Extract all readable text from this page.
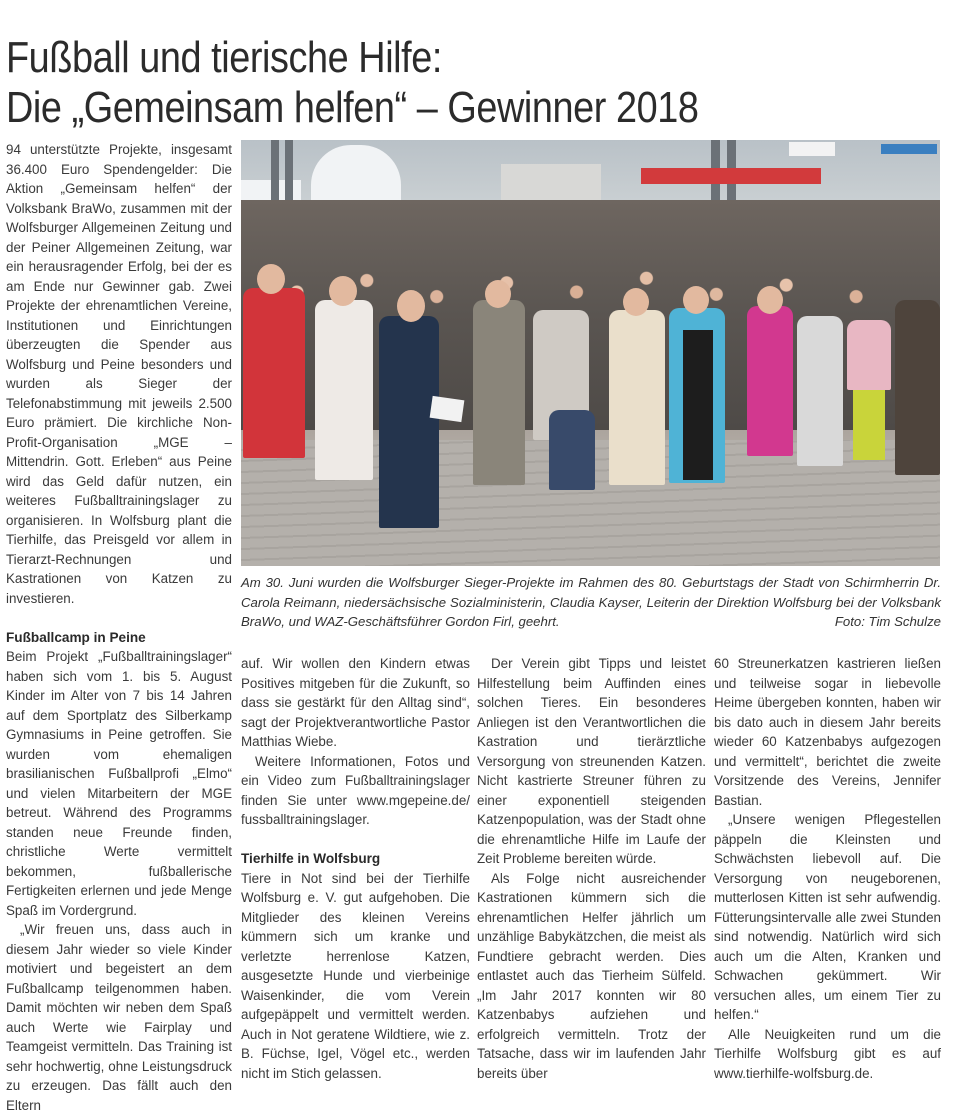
Fußball und tierische Hilfe:
Die „Gemeinsam helfen“ – Gewinner 2018

94 unterstützte Projekte, insgesamt 36.400 Euro Spendengelder: Die Aktion „Gemeinsam helfen“ der Volksbank BraWo, zusammen mit der Wolfsburger Allgemeinen Zeitung und der Peiner Allgemeinen Zeitung, war ein herausragender Erfolg, bei der es am Ende nur Gewinner gab. Zwei Projekte der ehrenamtlichen Vereine, Institutionen und Einrichtungen überzeugten die Spender aus Wolfsburg und Peine besonders und wurden als Sieger der Telefonabstimmung mit jeweils 2.500 Euro prämiert. Die kirchliche Non-Profit-Organisation „MGE – Mittendrin. Gott. Erleben“ aus Peine wird das Geld dafür nutzen, ein weiteres Fußballtrainingslager zu organisieren. In Wolfsburg plant die Tierhilfe, das Preisgeld vor allem in Tierarzt-Rechnungen und Kastrationen von Katzen zu investieren.

Fußballcamp in Peine

Beim Projekt „Fußballtrainingslager“ haben sich vom 1. bis 5. August Kinder im Alter von 7 bis 14 Jahren auf dem Sportplatz des Silberkamp Gymnasiums in Peine getroffen. Sie wurden vom ehemaligen brasilianischen Fußballprofi „Elmo“ und vielen Mitarbeitern der MGE betreut. Während des Programms standen neue Freunde finden, christliche Werte vermittelt bekommen, fußballerische Fertigkeiten erlernen und jede Menge Spaß im Vordergrund.

„Wir freuen uns, dass auch in diesem Jahr wieder so viele Kinder motiviert und begeistert an dem Fußballcamp teilgenommen haben. Damit möchten wir neben dem Spaß auch Werte wie Fairplay und Teamgeist vermitteln. Das Training ist sehr hochwertig, ohne Leistungsdruck zu erzeugen. Das fällt auch den Eltern

Am 30. Juni wurden die Wolfsburger Sieger-Projekte im Rahmen des 80. Geburtstags der Stadt von Schirmherrin Dr. Carola Reimann, niedersächsische Sozialministerin, Claudia Kayser, Leiterin der Direktion Wolfsburg bei der Volksbank BraWo, und WAZ-Geschäftsführer Gordon Firl, geehrt.	Foto: Tim Schulze

auf. Wir wollen den Kindern etwas Positives mitgeben für die Zukunft, so dass sie gestärkt für den Alltag sind“, sagt der Projektverantwortliche Pastor Matthias Wiebe.

Weitere Informationen, Fotos und ein Video zum Fußballtrainingslager finden Sie unter www.mgepeine.de/ fussballtrainingslager.

Tierhilfe in Wolfsburg

Tiere in Not sind bei der Tierhilfe Wolfsburg e. V. gut aufgehoben. Die Mitglieder des kleinen Vereins kümmern sich um kranke und verletzte herrenlose Katzen, ausgesetzte Hunde und vierbeinige Waisenkinder, die vom Verein aufgepäppelt und vermittelt werden. Auch in Not geratene Wildtiere, wie z. B. Füchse, Igel, Vögel etc., werden nicht im Stich gelassen.

Der Verein gibt Tipps und leistet Hilfestellung beim Auffinden eines solchen Tieres. Ein besonderes Anliegen ist den Verantwortlichen die Kastration und tierärztliche Versorgung von streunenden Katzen. Nicht kastrierte Streuner führen zu einer exponentiell steigenden Katzenpopulation, was der Stadt ohne die ehrenamtliche Hilfe im Laufe der Zeit Probleme bereiten würde.

Als Folge nicht ausreichender Kastrationen kümmern sich die ehrenamtlichen Helfer jährlich um unzählige Babykätzchen, die meist als Fundtiere gebracht werden. Dies entlastet auch das Tierheim Sülfeld. „Im Jahr 2017 konnten wir 80 Katzenbabys aufziehen und erfolgreich vermitteln. Trotz der Tatsache, dass wir im laufenden Jahr bereits über

60 Streunerkatzen kastrieren ließen und teilweise sogar in liebevolle Heime übergeben konnten, haben wir bis dato auch in diesem Jahr bereits wieder 60 Katzenbabys aufgezogen und vermittelt“, berichtet die zweite Vorsitzende des Vereins, Jennifer Bastian.

„Unsere wenigen Pflegestellen päppeln die Kleinsten und Schwächsten liebevoll auf. Die Versorgung von neugeborenen, mutterlosen Kitten ist sehr aufwendig. Fütterungsintervalle alle zwei Stunden sind notwendig. Natürlich wird sich auch um die Alten, Kranken und Schwachen gekümmert. Wir versuchen alles, um einem Tier zu helfen.“

Alle Neuigkeiten rund um die Tierhilfe Wolfsburg gibt es auf www.tierhilfe-wolfsburg.de.
